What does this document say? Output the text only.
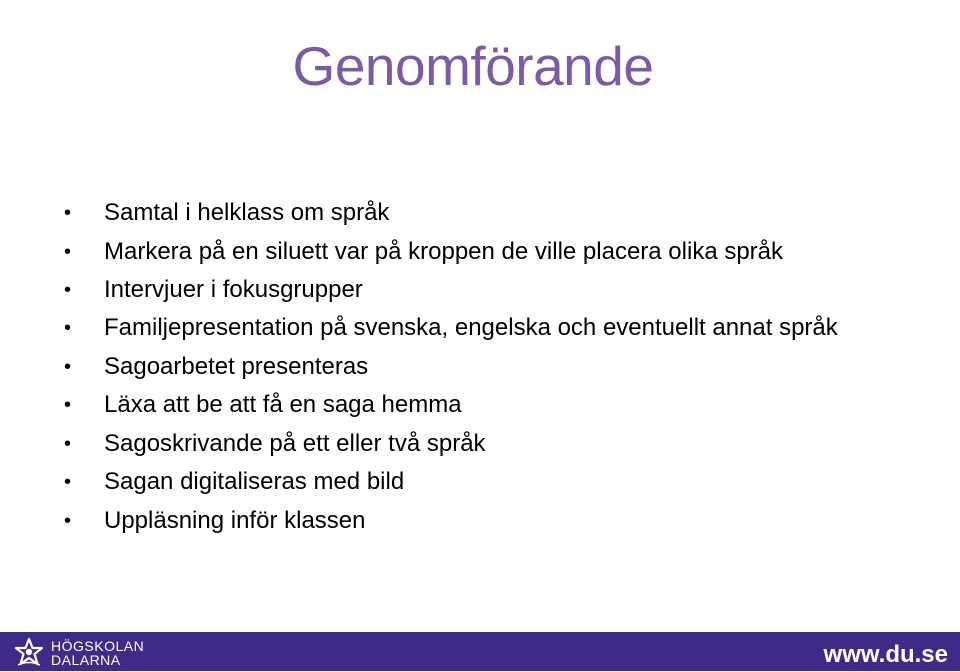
Genomförande
• Samtal i helklass om språk
• Markera på en siluett var på kroppen de ville placera olika språk
• Intervjuer i fokusgrupper
• Familjepresentation på svenska, engelska och eventuellt annat språk
• Sagoarbetet presenteras
• Läxa att be att få en saga hemma
• Sagoskrivande på ett eller två språk
• Sagan digitaliseras med bild
• Uppläsning inför klassen
HÖGSKOLAN
DALARNA	www.du.se
